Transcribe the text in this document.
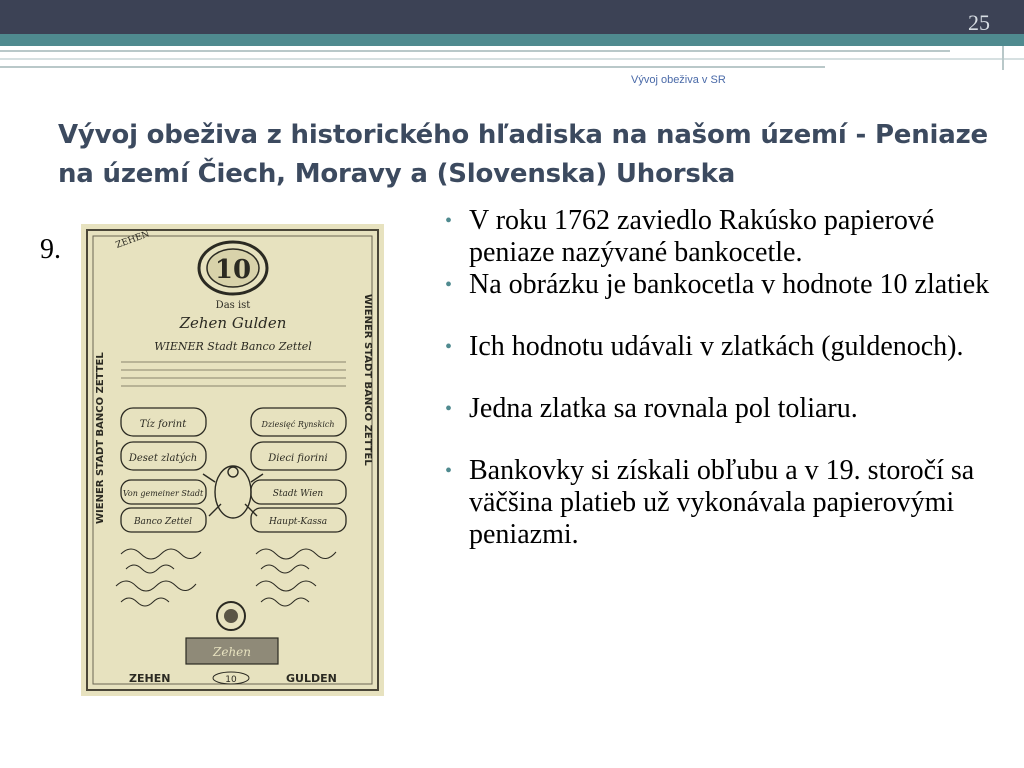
25
Vývoj obeživa v SR
Vývoj obeživa z historického hľadiska na našom území - Peniaze na území Čiech, Moravy a (Slovenska) Uhorska
9.
10
ZEHEN
Das ist
Zehen Gulden
WIENER Stadt Banco Zettel
WIENER STADT BANCO ZETTEL	WIENER STADT BANCO ZETTEL
Tíz forint	Dziesięć Rynskich
Deset zlatých	Dieci fiorini
Von gemeiner Stadt	Stadt Wien
Banco Zettel	Haupt-Kassa
Zehen
ZEHEN	10	GULDEN
• V roku 1762 zaviedlo Rakúsko papierové peniaze nazývané bankocetle.
• Na obrázku je bankocetla v hodnote 10 zlatiek
• Ich hodnotu udávali v zlatkách (guldenoch).
• Jedna zlatka sa rovnala pol toliaru.
• Bankovky si získali obľubu a v 19. storočí sa väčšina platieb už vykonávala papierovými peniazmi.
